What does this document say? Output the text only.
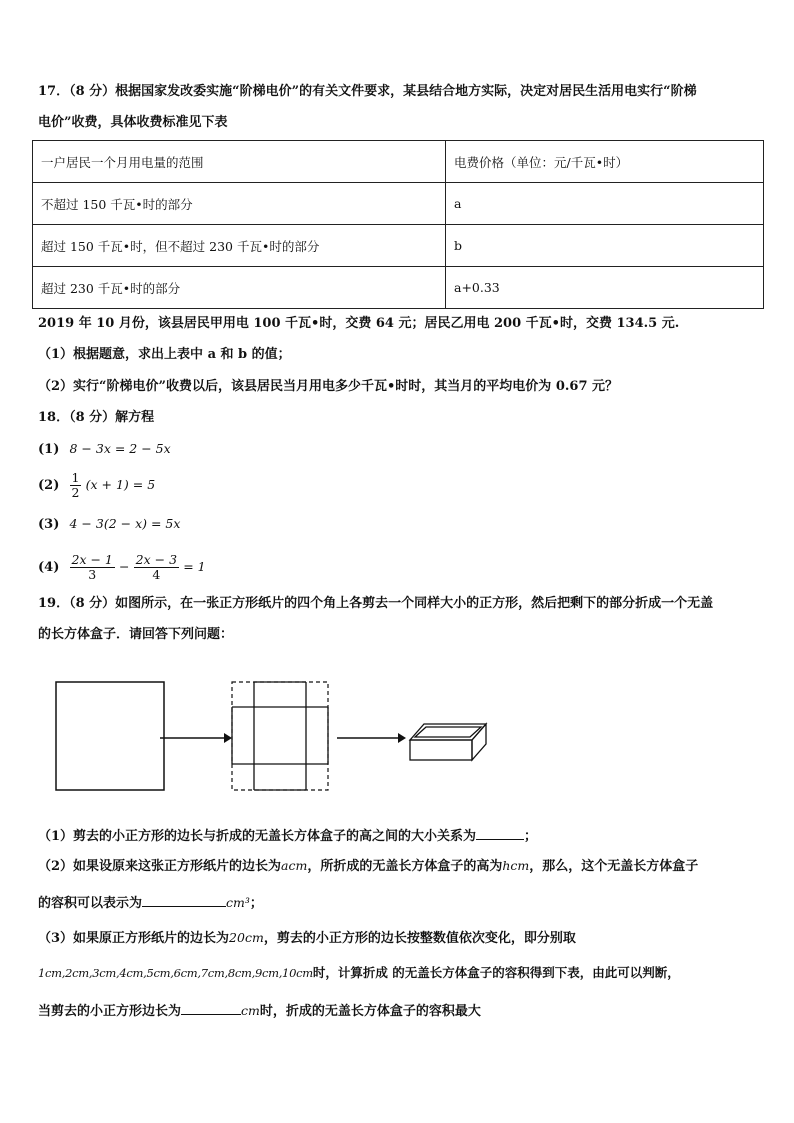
17．（8 分）根据国家发改委实施“阶梯电价”的有关文件要求，某县结合地方实际，决定对居民生活用电实行“阶梯
电价”收费，具体收费标准见下表
一户居民一个月用电量的范围	电费价格（单位：元/千瓦•时）
不超过 150 千瓦•时的部分	a
超过 150 千瓦•时，但不超过 230 千瓦•时的部分	b
超过 230 千瓦•时的部分	a+0.33
2019 年 10 月份，该县居民甲用电 100 千瓦•时，交费 64 元；居民乙用电 200 千瓦•时，交费 134.5 元.
（1）根据题意，求出上表中 a 和 b 的值；
（2）实行“阶梯电价”收费以后，该县居民当月用电多少千瓦•时时，其当月的平均电价为 0.67 元？
18．（8 分）解方程
(1) 8 − 3x = 2 − 5x
$(2) \frac{1}{2} (x + 1) = 5$
(3) 4 − 3(2 − x) = 5x
$(4) \frac{2x - 1}{3} - \frac{2x - 3}{4} = 1$
19．（8 分）如图所示，在一张正方形纸片的四个角上各剪去一个同样大小的正方形，然后把剩下的部分折成一个无盖
的长方体盒子．请回答下列问题：
（1）剪去的小正方形的边长与折成的无盖长方体盒子的高之间的大小关系为	；
（2）如果设原来这张正方形纸片的边长为acm，所折成的无盖长方体盒子的高为hcm，那么，这个无盖长方体盒子
的容积可以表示为	cm³；
（3）如果原正方形纸片的边长为20cm，剪去的小正方形的边长按整数值依次变化，即分别取
1cm,2cm,3cm,4cm,5cm,6cm,7cm,8cm,9cm,10cm时，计算折成 的无盖长方体盒子的容积得到下表，由此可以判断，
当剪去的小正方形边长为	cm时，折成的无盖长方体盒子的容积最大
